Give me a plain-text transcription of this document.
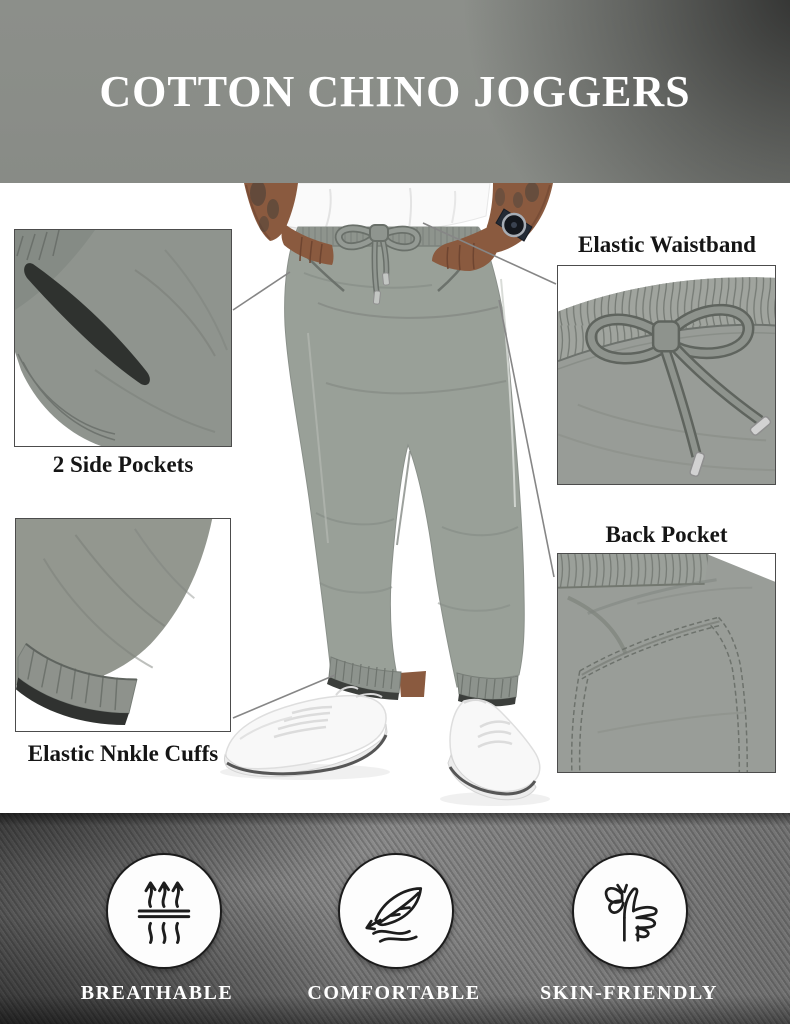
COTTON CHINO JOGGERS
2 Side Pockets
Elastic Waistband
Elastic Nnkle Cuffs
Back Pocket
BREATHABLE	COMFORTABLE	SKIN-FRIENDLY
